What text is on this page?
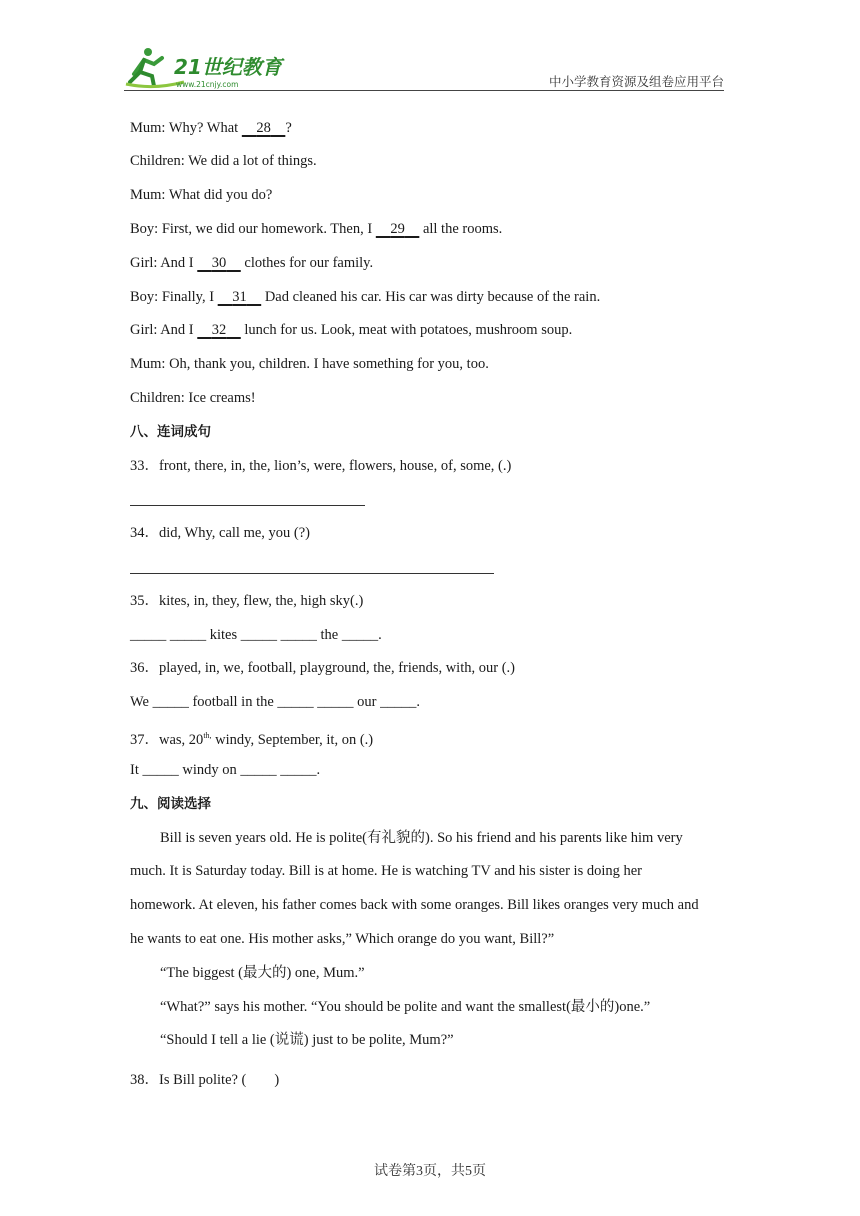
21世纪教育
www.21cnjy.com	中小学教育资源及组卷应用平台
Mum: Why? What     28 ?
Children: We did a lot of things.
Mum: What did you do?
Boy: First, we did our homework. Then, I     29     all the rooms.
Girl: And I     30     clothes for our family.
Boy: Finally, I     31     Dad cleaned his car. His car was dirty because of the rain.
Girl: And I     32     lunch for us. Look, meat with potatoes, mushroom soup.
Mum: Oh, thank you, children. I have something for you, too.
Children: Ice creams!
八、连词成句
33．front, there, in, the, lion’s, were, flowers, house, of, some, (.)
34．did, Why, call me, you (?)
35．kites, in, they, flew, the, high sky(.)
_____ _____ kites _____ _____ the _____.
36．played, in, we, football, playground, the, friends, with, our (.)
We _____ football in the _____ _____ our _____.
37．was, $20^{th,}$ windy, September, it, on (.)
It _____ windy on _____ _____.
九、阅读选择
Bill is seven years old. He is polite(有礼貌的). So his friend and his parents like him very
much. It is Saturday today. Bill is at home. He is watching TV and his sister is doing her
homework. At eleven, his father comes back with some oranges. Bill likes oranges very much and
he wants to eat one. His mother asks,” Which orange do you want, Bill?”
“The biggest (最大的) one, Mum.”
“What?” says his mother. “You should be polite and want the smallest(最小的)one.”
“Should I tell a lie (说谎) just to be polite, Mum?”
38．Is Bill polite? ( )
试卷第3页，共5页
